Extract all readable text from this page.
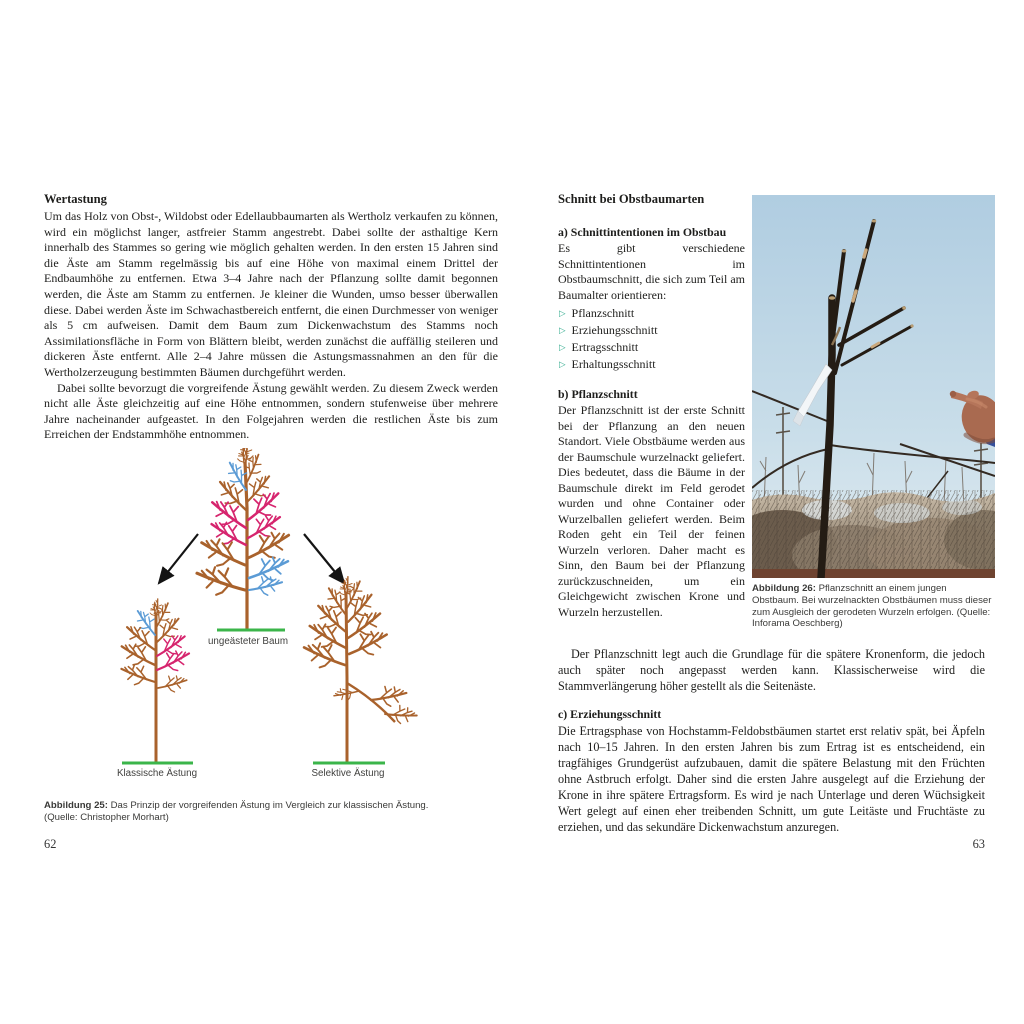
Wertastung

Um das Holz von Obst-, Wildobst oder Edellaubbaumarten als Wertholz verkaufen zu können, wird ein möglichst langer, astfreier Stamm angestrebt. Dabei sollte der asthaltige Kern innerhalb des Stammes so gering wie möglich gehalten werden. In den ersten 15 Jahren sind die Äste am Stamm regelmässig bis auf eine Höhe von maximal einem Drittel der Endbaumhöhe zu entfernen. Etwa 3–4 Jahre nach der Pflanzung sollte damit begonnen werden, die Äste am Stamm zu entfernen. Je kleiner die Wunden, umso besser überwallen diese. Dabei werden Äste im Schwachastbereich entfernt, die einen Durchmesser von weniger als 5 cm aufweisen. Damit dem Baum zum Dickenwachstum des Stamms noch Assimilationsfläche in Form von Blättern bleibt, werden zunächst die auffällig steileren und dickeren Äste entfernt. Alle 2–4 Jahre müssen die Astungsmassnahmen an den für die Wertholzerzeugung bestimmten Bäumen durchgeführt werden.

Dabei sollte bevorzugt die vorgreifende Ästung gewählt werden. Zu diesem Zweck werden nicht alle Äste gleichzeitig auf eine Höhe entnommen, sondern stufenweise über mehrere Jahre nacheinander aufgeastet. In den Folgejahren werden die restlichen Äste bis zum Erreichen der Endstammhöhe entnommen.

ungeästeter Baum
Klassische Ästung	Selektive Ästung
Abbildung 25: Das Prinzip der vorgreifenden Ästung im Vergleich zur klassischen Ästung.
(Quelle: Christopher Morhart)
62
Schnitt bei Obstbaumarten
a) Schnittintentionen im Obstbau

Es gibt verschiedene Schnittintentionen im Obstbaumschnitt, die sich zum Teil am Baumalter orientieren:

▷ Pflanzschnitt
▷ Erziehungsschnitt
▷ Ertragsschnitt
▷ Erhaltungsschnitt
b) Pflanzschnitt

Der Pflanzschnitt ist der erste Schnitt bei der Pflanzung an den neuen Standort. Viele Obstbäume werden aus der Baumschule wurzelnackt geliefert. Dies bedeutet, dass die Bäume in der Baumschule direkt im Feld gerodet wurden und ohne Container oder Wurzelballen geliefert werden. Beim Roden geht ein Teil der feinen Wurzeln verloren. Daher macht es Sinn, den Baum bei der Pflanzung zurückzuschneiden, um ein Gleichgewicht zwischen Krone und Wurzeln herzustellen.

Abbildung 26: Pflanzschnitt an einem jungen Obstbaum. Bei wurzelnackten Obstbäumen muss dieser zum Ausgleich der gerodeten Wurzeln erfolgen. (Quelle: Inforama Oeschberg)

Der Pflanzschnitt legt auch die Grundlage für die spätere Kronenform, die jedoch auch später noch angepasst werden kann. Klassischerweise wird die Stammverlängerung höher gestellt als die Seitenäste.

c) Erziehungsschnitt

Die Ertragsphase von Hochstamm-Feldobstbäumen startet erst relativ spät, bei Äpfeln nach 10–15 Jahren. In den ersten Jahren bis zum Ertrag ist es entscheidend, ein tragfähiges Grundgerüst aufzubauen, damit die spätere Belastung mit den Früchten ohne Astbruch erfolgt. Daher sind die ersten Jahre ausgelegt auf die Erziehung der Krone in ihre spätere Ertragsform. Es wird je nach Unterlage und deren Wüchsigkeit Wert gelegt auf einen eher treibenden Schnitt, um gute Leitäste und Fruchtäste zu erziehen, und das sekundäre Dickenwachstum anzuregen.

63
